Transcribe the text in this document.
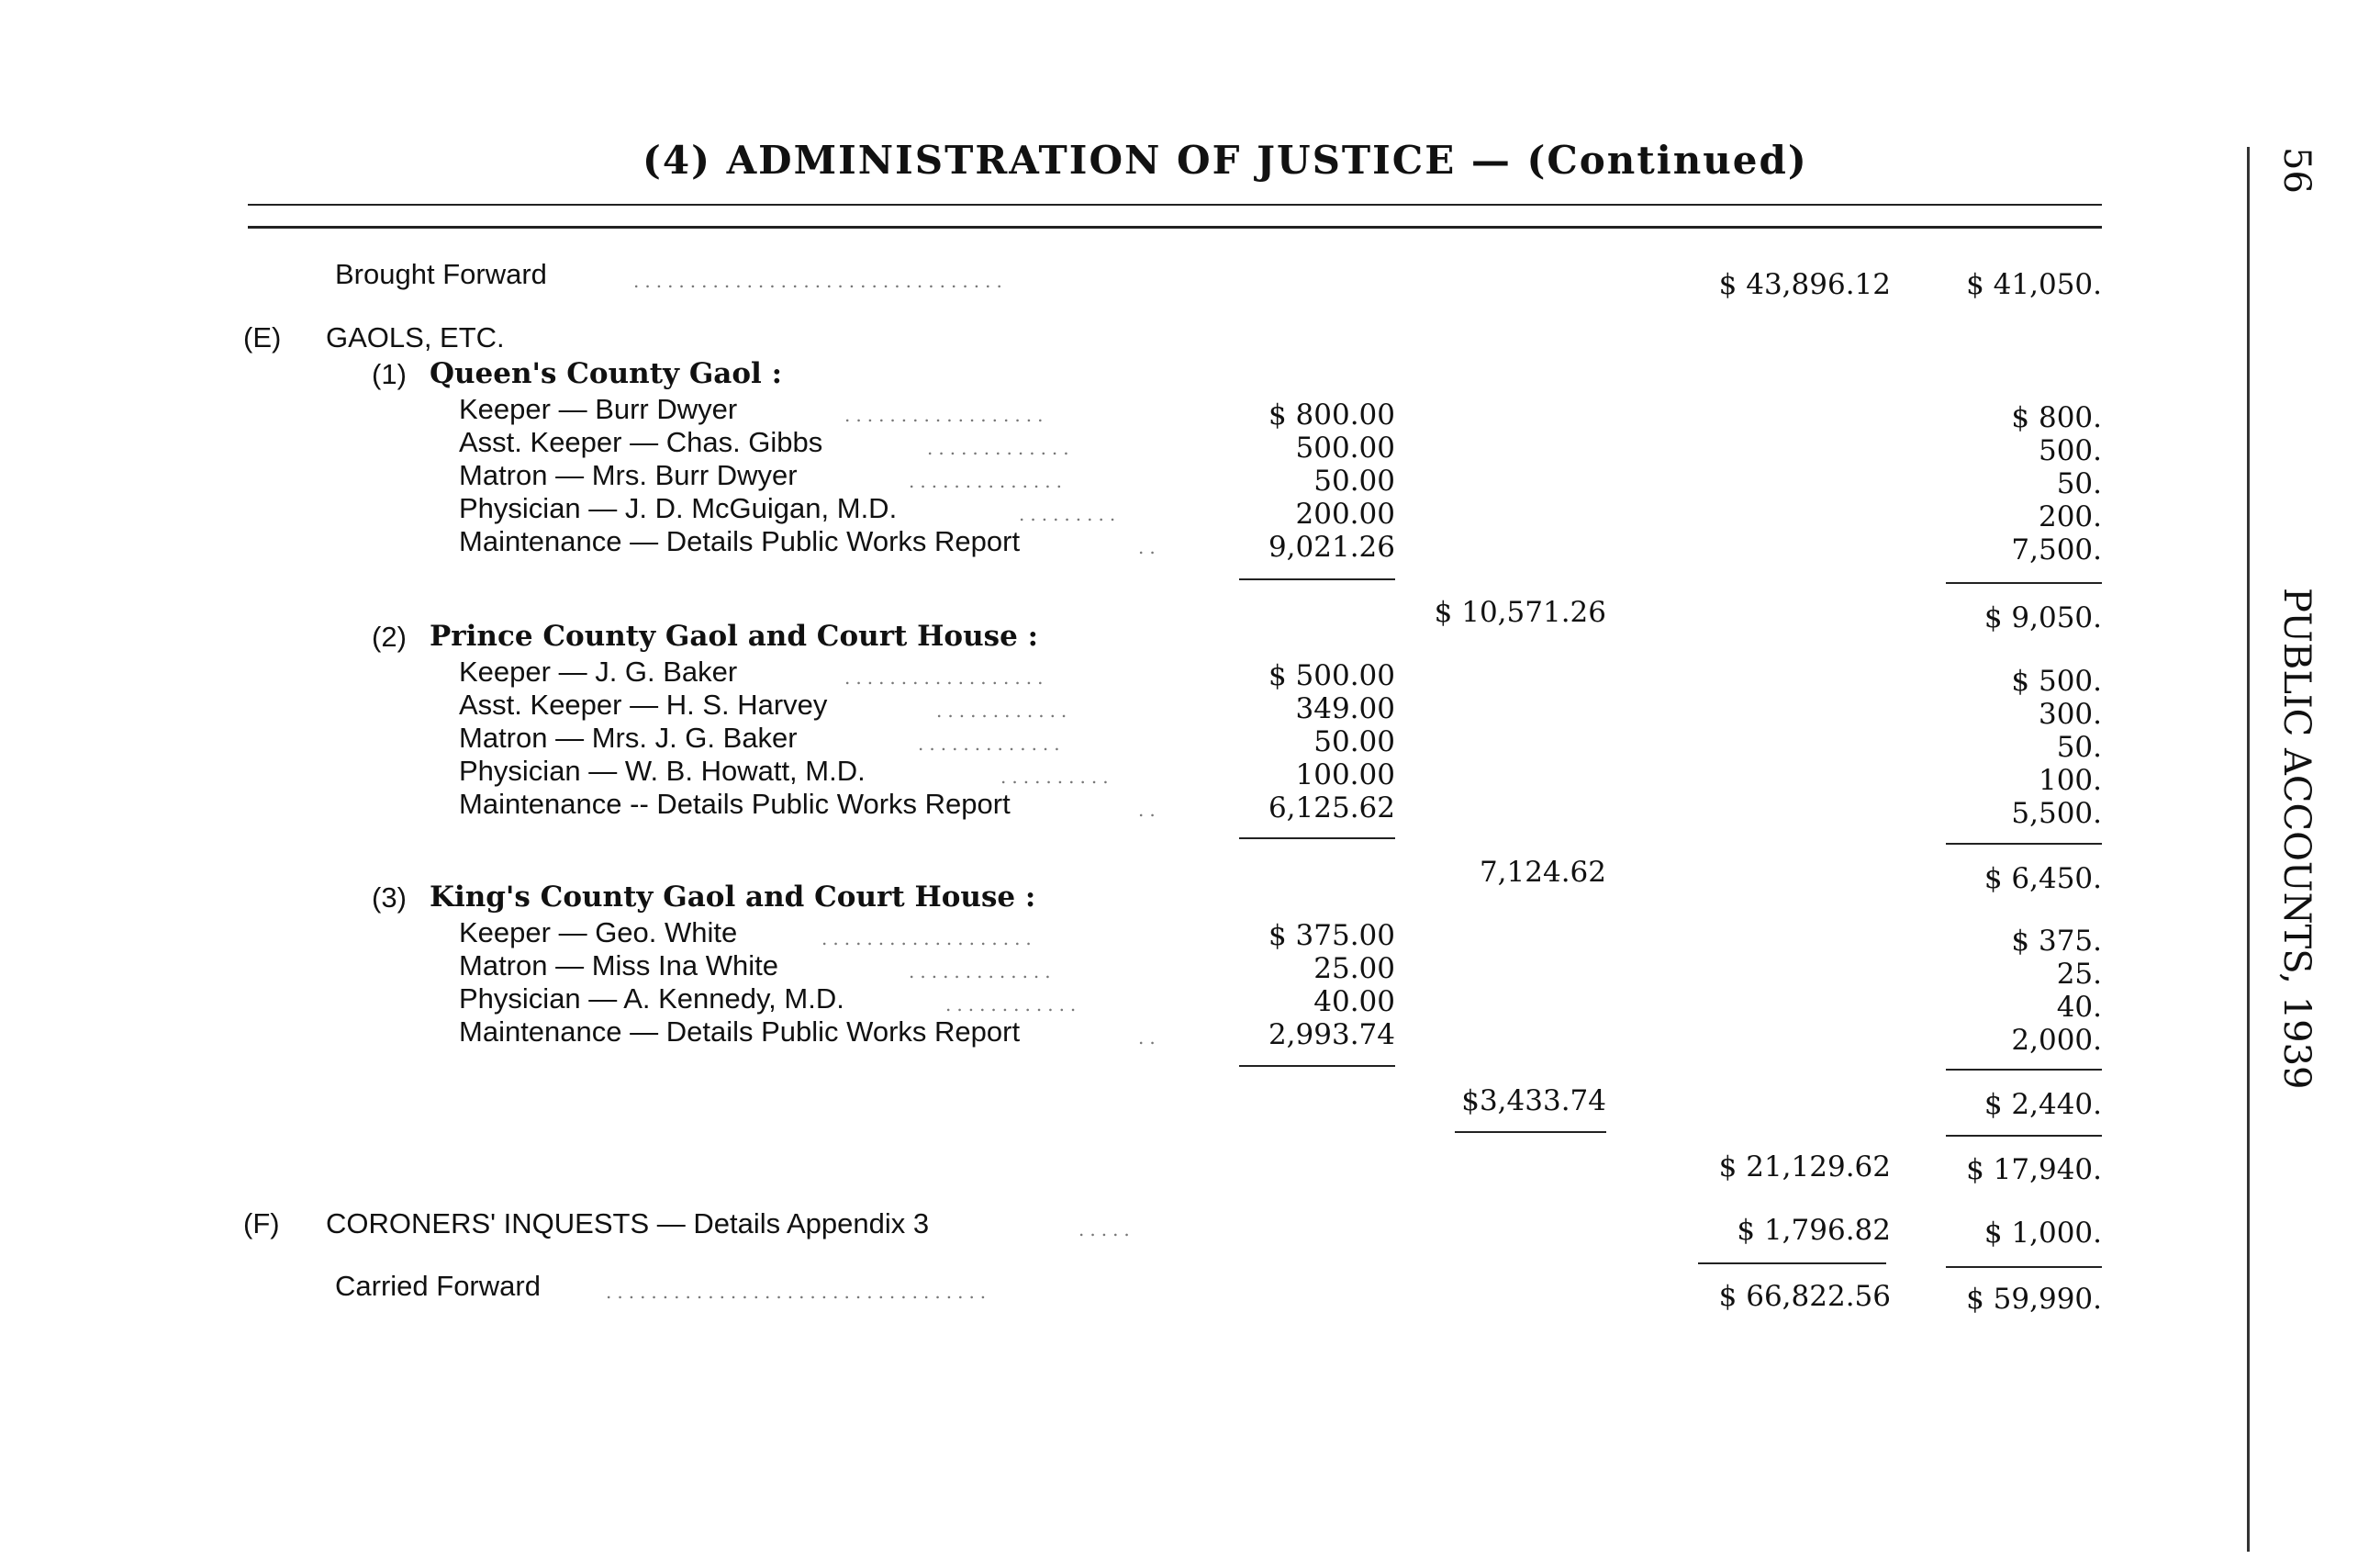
(4) ADMINISTRATION OF JUSTICE — (Continued)
Brought Forward	.................................	$ 43,896.12	$ 41,050.
(E) GAOLS, ETC.
(1) Queen's County Gaol :
Keeper — Burr Dwyer	..................	$ 800.00	$ 800.
Asst. Keeper — Chas. Gibbs	.............	500.00	500.
Matron — Mrs. Burr Dwyer	..............	50.00	50.
Physician — J. D. McGuigan, M.D.	.........	200.00	200.
Maintenance — Details Public Works Report	..	9,021.26	7,500.
$ 10,571.26	$ 9,050.
(2) Prince County Gaol and Court House :
Keeper — J. G. Baker	..................	$ 500.00	$ 500.
Asst. Keeper — H. S. Harvey	............	349.00	300.
Matron — Mrs. J. G. Baker	.............	50.00	50.
Physician — W. B. Howatt, M.D.	..........	100.00	100.
Maintenance -- Details Public Works Report	..	6,125.62	5,500.
7,124.62	$ 6,450.
(3) King's County Gaol and Court House :
Keeper — Geo. White	...................	$ 375.00	$ 375.
Matron — Miss Ina White	.............	25.00	25.
Physician — A. Kennedy, M.D.	............	40.00	40.
Maintenance — Details Public Works Report	..	2,993.74	2,000.
$3,433.74	$ 2,440.
$ 21,129.62	$ 17,940.
(F) CORONERS' INQUESTS — Details Appendix 3	.....	$ 1,796.82	$ 1,000.
Carried Forward	..................................	$ 66,822.56	$ 59,990.
56
PUBLIC ACCOUNTS, 1939
